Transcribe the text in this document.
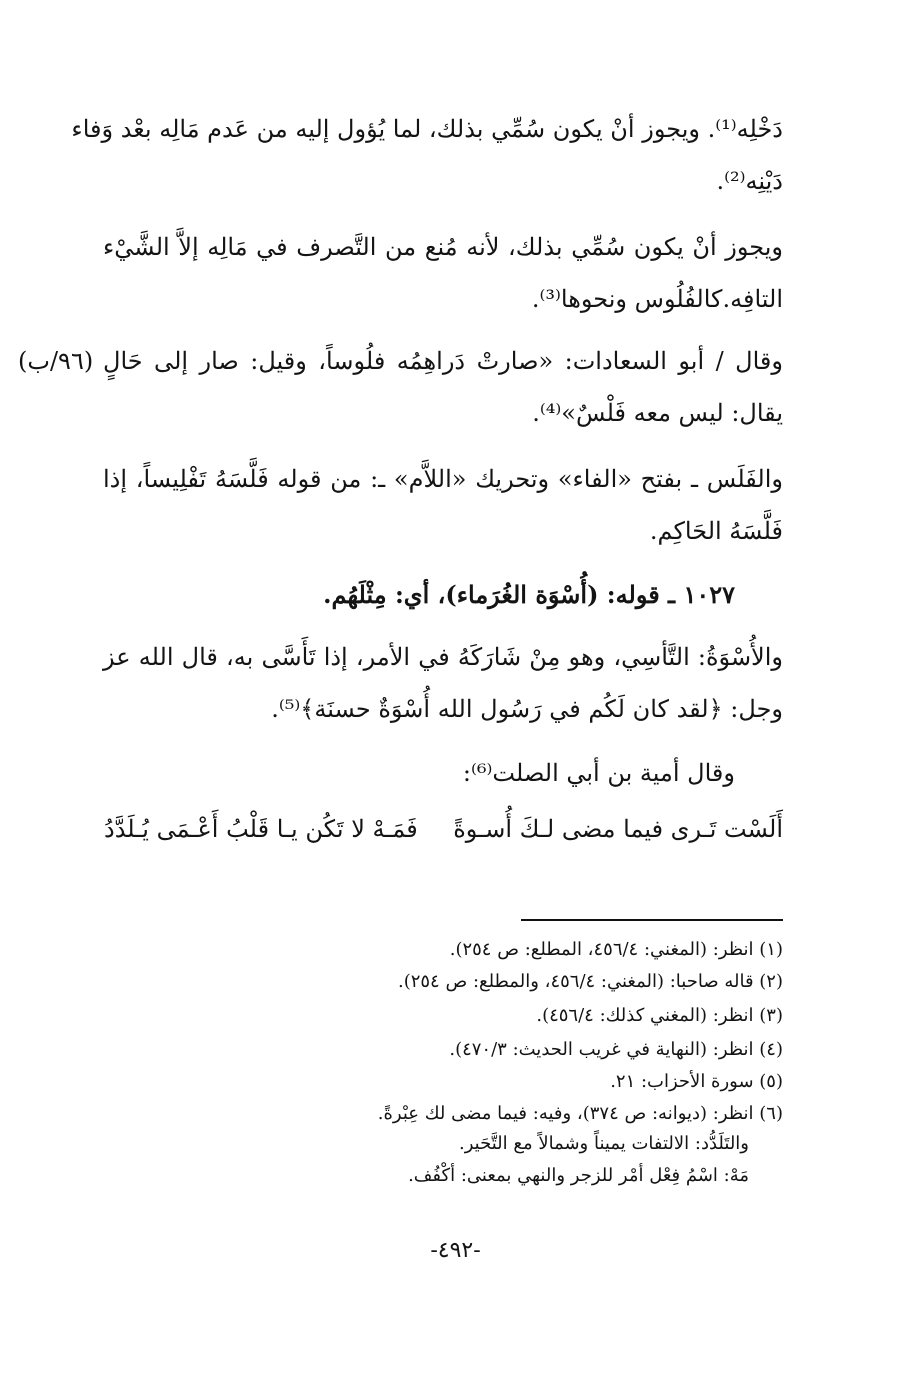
دَخْلِه⁽¹⁾. ويجوز أنْ يكون سُمِّي بذلك، لما يُؤول إليه من عَدم مَالِه بعْد وَفاء
دَيْنِه⁽²⁾.
ويجوز أنْ يكون سُمِّي بذلك، لأنه مُنع من التَّصرف في مَالِه إلاَّ الشَّيْء
التافِه.كالفُلُوس ونحوها⁽³⁾.
(٩٦/ب) وقال / أبو السعادات: «صارتْ دَراهِمُه فلُوساً، وقيل: صار إلى حَالٍ
يقال: ليس معه فَلْسٌ»⁽⁴⁾.
والفَلَس ـ بفتح «الفاء» وتحريك «اللاَّم» ـ: من قوله فَلَّسَهُ تَفْلِيساً، إذا
فَلَّسَهُ الحَاكِم.
١٠٢٧ ـ قوله: (أُسْوَة الغُرَماء)، أي: مِثْلَهُم.
والأُسْوَةُ: التَّأسِي، وهو مِنْ شَارَكَهُ في الأمر، إذا تَأَسَّى به، قال الله عز
وجل: ﴿لقد كان لَكُم في رَسُول الله أُسْوَةٌ حسنَة﴾⁽⁵⁾.
وقال أمية بن أبي الصلت⁽⁶⁾:
أَلَسْت تَـرى فيما مضى لـكَ أُسـوةً
فَمَـهْ لا تَكُن يـا قَلْبُ أَعْـمَى يُـلَدَّدُ
(١) انظر: (المغني: ٤٥٦/٤، المطلع: ص ٢٥٤).
(٢) قاله صاحبا: (المغني: ٤٥٦/٤، والمطلع: ص ٢٥٤).
(٣) انظر: (المغني كذلك: ٤٥٦/٤).
(٤) انظر: (النهاية في غريب الحديث: ٤٧٠/٣).
(٥) سورة الأحزاب: ٢١.
(٦) انظر: (ديوانه: ص ٣٧٤)، وفيه: فيما مضى لك عِبْرةً.
والتَلَدُّد: الالتفات يميناً وشمالاً مع التَّحَير.
مَهْ: اسْمُ فِعْل أمْر للزجر والنهي بمعنى: أكْفُف.
-٤٩٢-
